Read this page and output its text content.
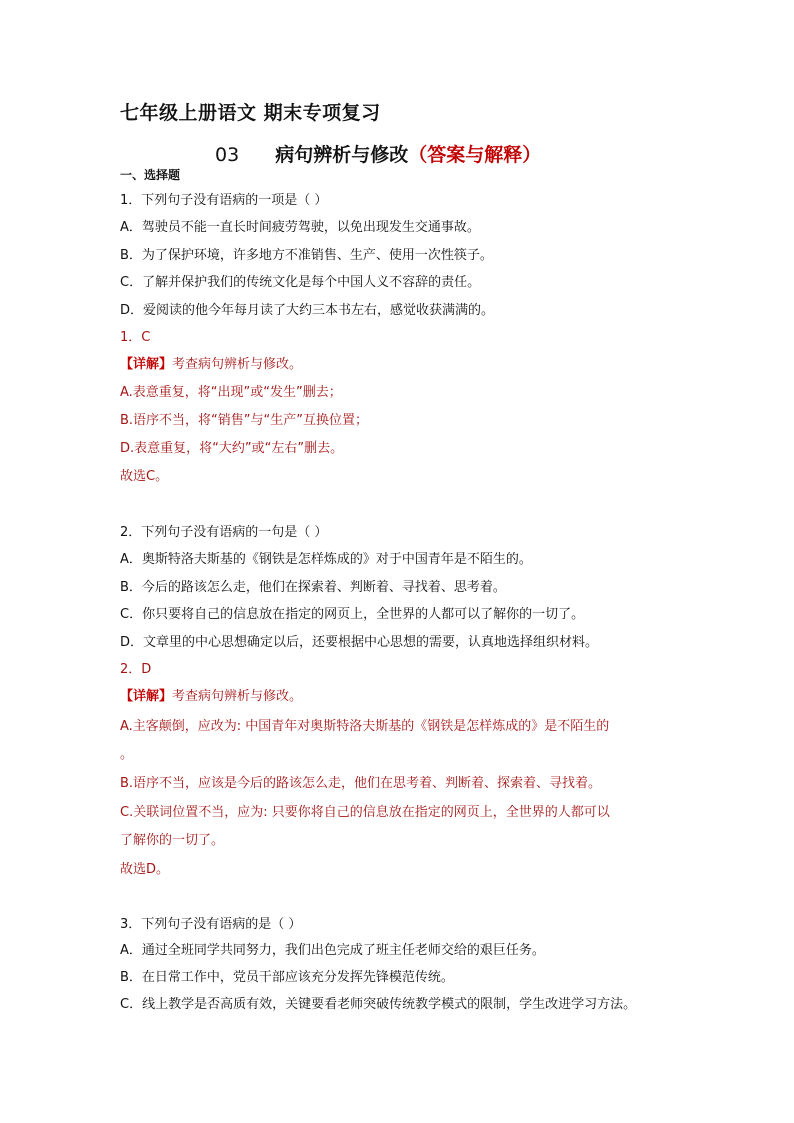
七年级上册语文 期末专项复习
03 病句辨析与修改（答案与解释）
一、选择题
1．下列句子没有语病的一项是（ ）
A．驾驶员不能一直长时间疲劳驾驶，以免出现发生交通事故。
B．为了保护环境，许多地方不准销售、生产、使用一次性筷子。
C．了解并保护我们的传统文化是每个中国人义不容辞的责任。
D．爱阅读的他今年每月读了大约三本书左右，感觉收获满满的。
1．C
【详解】考查病句辨析与修改。
A.表意重复，将“出现”或“发生”删去；
B.语序不当，将“销售”与“生产”互换位置；
D.表意重复，将“大约”或“左右”删去。
故选C。
2．下列句子没有语病的一句是（ ）
A．奥斯特洛夫斯基的《钢铁是怎样炼成的》对于中国青年是不陌生的。
B．今后的路该怎么走，他们在探索着、判断着、寻找着、思考着。
C．你只要将自己的信息放在指定的网页上，全世界的人都可以了解你的一切了。
D．文章里的中心思想确定以后，还要根据中心思想的需要，认真地选择组织材料。
2．D
【详解】考查病句辨析与修改。
A.主客颠倒，应改为: 中国青年对奥斯特洛夫斯基的《钢铁是怎样炼成的》是不陌生的
。
B.语序不当，应该是今后的路该怎么走，他们在思考着、判断着、探索着、寻找着。
C.关联词位置不当，应为: 只要你将自己的信息放在指定的网页上，全世界的人都可以
了解你的一切了。
故选D。
3．下列句子没有语病的是（ ）
A．通过全班同学共同努力，我们出色完成了班主任老师交给的艰巨任务。
B．在日常工作中，党员干部应该充分发挥先锋模范传统。
C．线上教学是否高质有效，关键要看老师突破传统教学模式的限制，学生改进学习方法。
